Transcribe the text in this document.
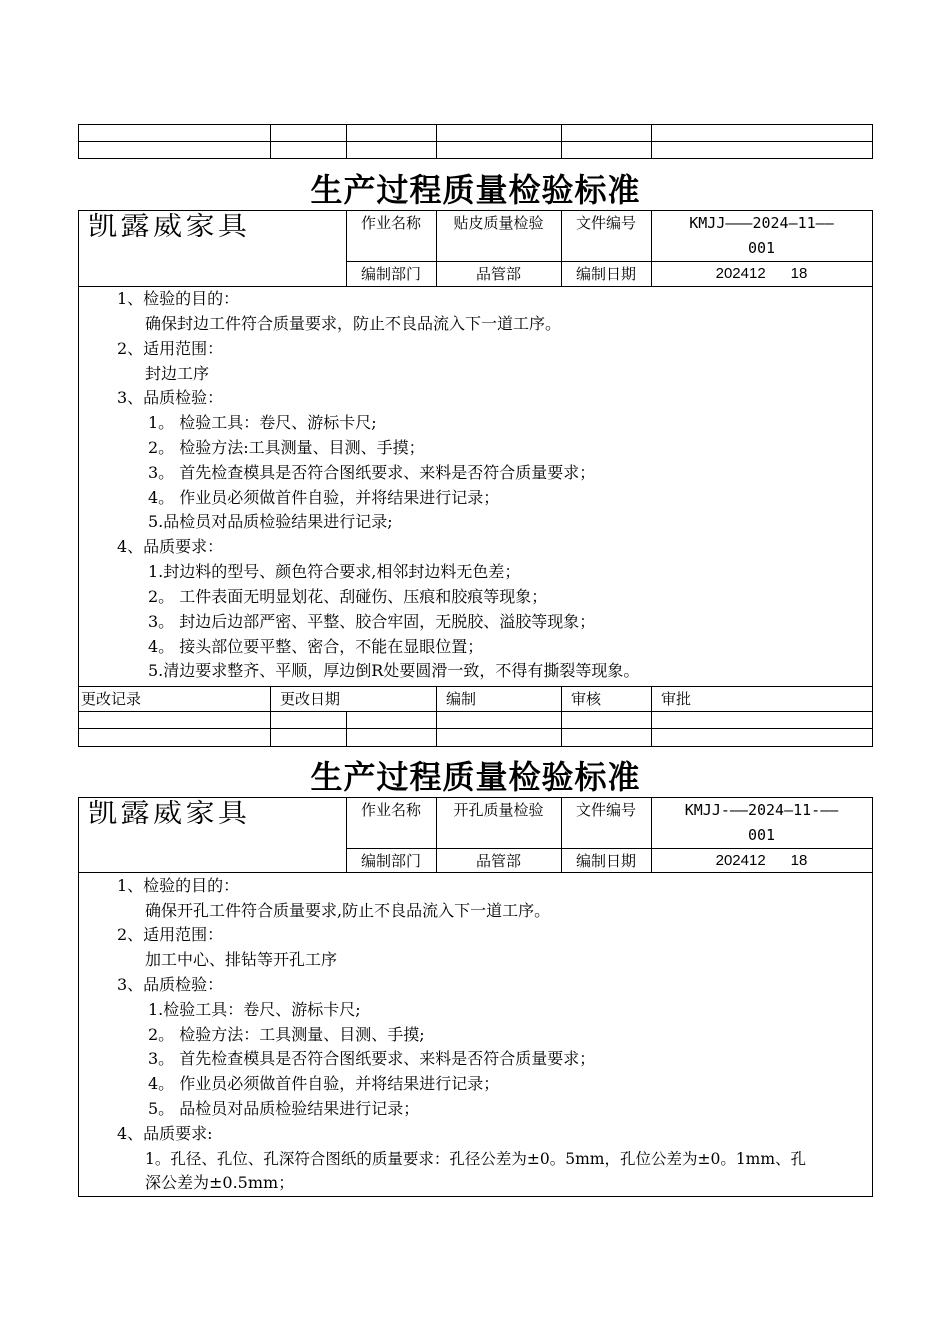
生产过程质量检验标准
凯露威家具	作业名称	贴皮质量检验	文件编号	KMJJ———2024—11——
001
编制部门	品管部	编制日期	202412      18
1、检验的目的：
确保封边工件符合质量要求，防止不良品流入下一道工序。
2、适用范围：
封边工序
3、品质检验：
1。 检验工具：卷尺、游标卡尺;
2。 检验方法:工具测量、目测、手摸；
3。 首先检查模具是否符合图纸要求、来料是否符合质量要求；
4。 作业员必须做首件自验，并将结果进行记录；
5.品检员对品质检验结果进行记录;
4、品质要求：
1.封边料的型号、颜色符合要求,相邻封边料无色差；
2。 工件表面无明显划花、刮碰伤、压痕和胶痕等现象；
3。 封边后边部严密、平整、胶合牢固，无脱胶、溢胶等现象；
4。 接头部位要平整、密合，不能在显眼位置；
5.清边要求整齐、平顺，厚边倒R处要圆滑一致，不得有撕裂等现象。
更改记录	更改日期	编制	审核	审批
生产过程质量检验标准
凯露威家具	作业名称	开孔质量检验	文件编号	KMJJ-——2024—11-——
001
编制部门	品管部	编制日期	202412      18
1、检验的目的：
确保开孔工件符合质量要求,防止不良品流入下一道工序。
2、适用范围：
加工中心、排钻等开孔工序
3、品质检验：
1.检验工具：卷尺、游标卡尺;
2。 检验方法：工具测量、目测、手摸;
3。 首先检查模具是否符合图纸要求、来料是否符合质量要求；
4。 作业员必须做首件自验，并将结果进行记录；
5。 品检员对品质检验结果进行记录；
4、品质要求:
1。孔径、孔位、孔深符合图纸的质量要求：孔径公差为±0。5mm，孔位公差为±0。1mm、孔
深公差为±0.5mm；
